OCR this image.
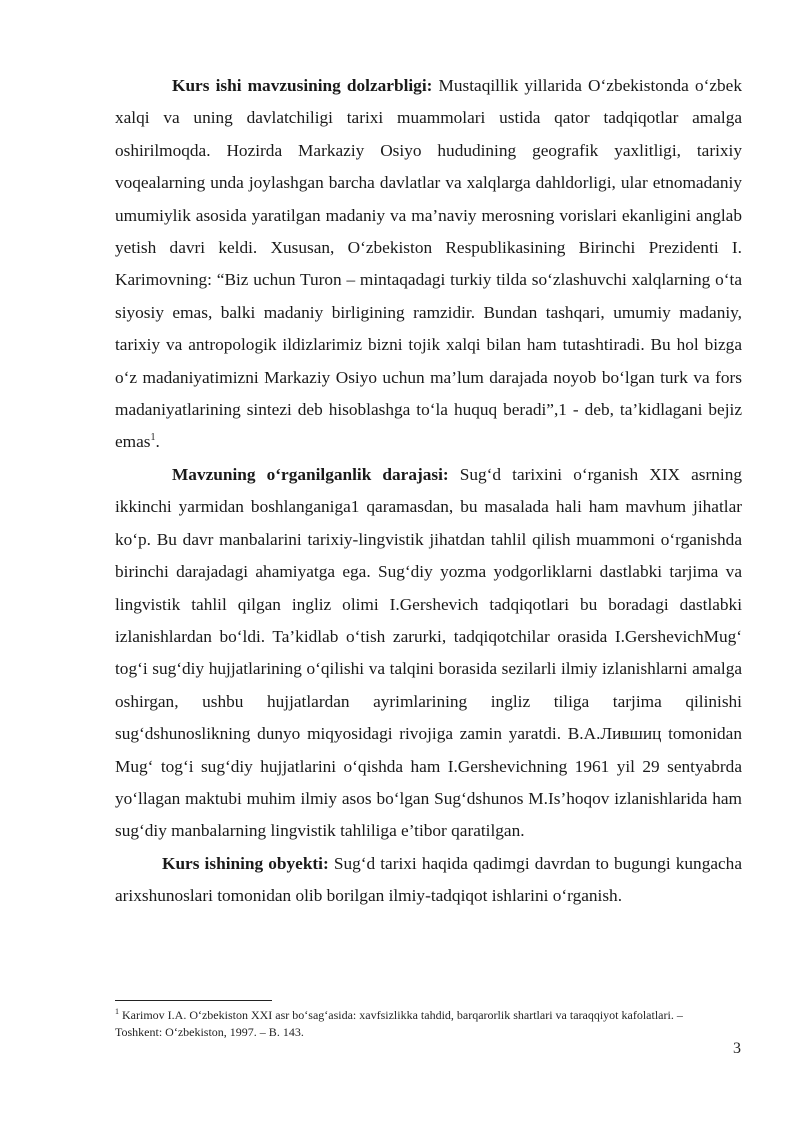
Kurs ishi mavzusining dolzarbligi: Mustaqillik yillarida O‘zbekistonda o‘zbek xalqi va uning davlatchiligi tarixi muammolari ustida qator tadqiqotlar amalga oshirilmoqda. Hozirda Markaziy Osiyo hududining geografik yaxlitligi, tarixiy voqealarning unda joylashgan barcha davlatlar va xalqlarga dahldorligi, ular etnomadaniy umumiylik asosida yaratilgan madaniy va ma’naviy merosning vorislari ekanligini anglab yetish davri keldi. Xususan, O‘zbekiston Respublikasining Birinchi Prezidenti I. Karimovning: “Biz uchun Turon – mintaqadagi turkiy tilda so‘zlashuvchi xalqlarning o‘ta siyosiy emas, balki madaniy birligining ramzidir. Bundan tashqari, umumiy madaniy, tarixiy va antropologik ildizlarimiz bizni tojik xalqi bilan ham tutashtiradi. Bu hol bizga o‘z madaniyatimizni Markaziy Osiyo uchun ma’lum darajada noyob bo‘lgan turk va fors madaniyatlarining sintezi deb hisoblashga to‘la huquq beradi”,1 - deb, ta’kidlagani bejiz emas$^1$.

Mavzuning o‘rganilganlik darajasi: Sug‘d tarixini o‘rganish XIX asrning ikkinchi yarmidan boshlanganiga1 qaramasdan, bu masalada hali ham mavhum jihatlar ko‘p. Bu davr manbalarini tarixiy-lingvistik jihatdan tahlil qilish muammoni o‘rganishda birinchi darajadagi ahamiyatga ega. Sug‘diy yozma yodgorliklarni dastlabki tarjima va lingvistik tahlil qilgan ingliz olimi I.Gershevich tadqiqotlari bu boradagi dastlabki izlanishlardan bo‘ldi. Ta’kidlab o‘tish zarurki, tadqiqotchilar orasida I.GershevichMug‘ tog‘i sug‘diy hujjatlarining o‘qilishi va talqini borasida sezilarli ilmiy izlanishlarni amalga oshirgan, ushbu hujjatlardan ayrimlarining ingliz tiliga tarjima qilinishi sug‘dshunoslikning dunyo miqyosidagi rivojiga zamin yaratdi. В.А.Лившиц tomonidan Mug‘ tog‘i sug‘diy hujjatlarini o‘qishda ham I.Gershevichning 1961 yil 29 sentyabrda yo‘llagan maktubi muhim ilmiy asos bo‘lgan Sug‘dshunos M.Is’hoqov izlanishlarida ham sug‘diy manbalarning lingvistik tahliliga e’tibor qaratilgan.

Kurs ishining obyekti: Sug‘d tarixi haqida qadimgi davrdan to bugungi kungacha arixshunoslari tomonidan olib borilgan ilmiy-tadqiqot ishlarini o‘rganish.

$^1$ Karimov I.A. O‘zbekiston XXI asr bo‘sag‘asida: xavfsizlikka tahdid, barqarorlik shartlari va taraqqiyot kafolatlari. – Toshkent: O‘zbekiston, 1997. – B. 143.
3
